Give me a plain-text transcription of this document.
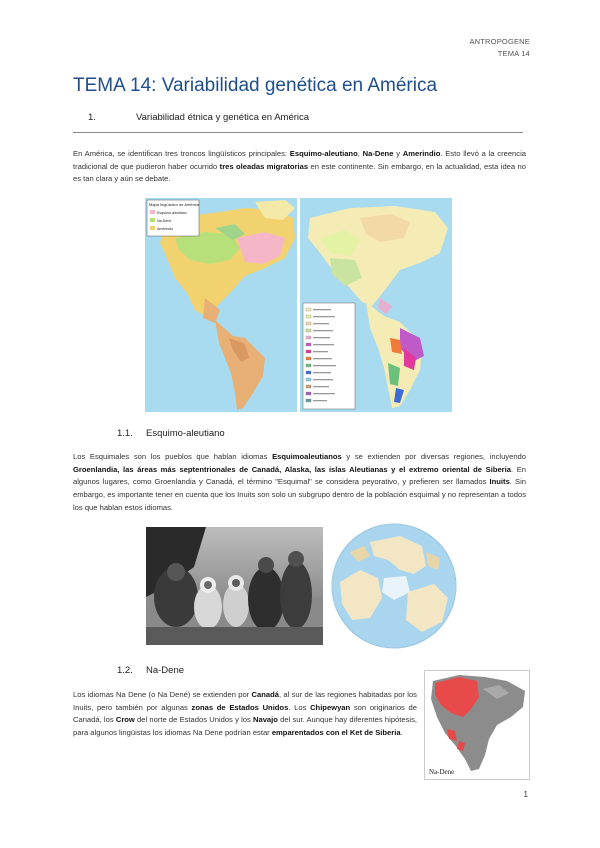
ANTROPOGENE
TEMA 14
TEMA 14: Variabilidad genética en América
1.	Variabilidad étnica y genética en América
En América, se identifican tres troncos lingüísticos principales: Esquimo-aleutiano, Na-Dene y Amerindio. Esto llevó a la creencia tradicional de que pudieron haber ocurrido tres oleadas migratorias en este continente. Sin embargo, en la actualidad, esta idea no es tan clara y aún se debate.
Mapa lingüístico de América
Esquimo-aleutiano
Na-Dene
Amerindio
1.1. Esquimo-aleutiano
Los Esquimales son los pueblos que hablan idiomas Esquimoaleutianos y se extienden por diversas regiones, incluyendo Groenlandia, las áreas más septentrionales de Canadá, Alaska, las islas Aleutianas y el extremo oriental de Siberia. En algunos lugares, como Groenlandia y Canadá, el término "Esquimal" se considera peyorativo, y prefieren ser llamados Inuits. Sin embargo, es importante tener en cuenta que los Inuits son solo un subgrupo dentro de la población esquimal y no representan a todos los que hablan estos idiomas.
1.2. Na-Dene
Los idiomas Na Dene (o Na Dené) se extienden por Canadá, al sur de las regiones habitadas por los Inuits, pero también por algunas zonas de Estados Unidos. Los Chipewyan son originarios de Canadá, los Crow del norte de Estados Unidos y los Navajo del sur. Aunque hay diferentes hipótesis, para algunos lingüistas los idiomas Na Dene podrían estar emparentados con el Ket de Siberia.
Na-Dene
1
